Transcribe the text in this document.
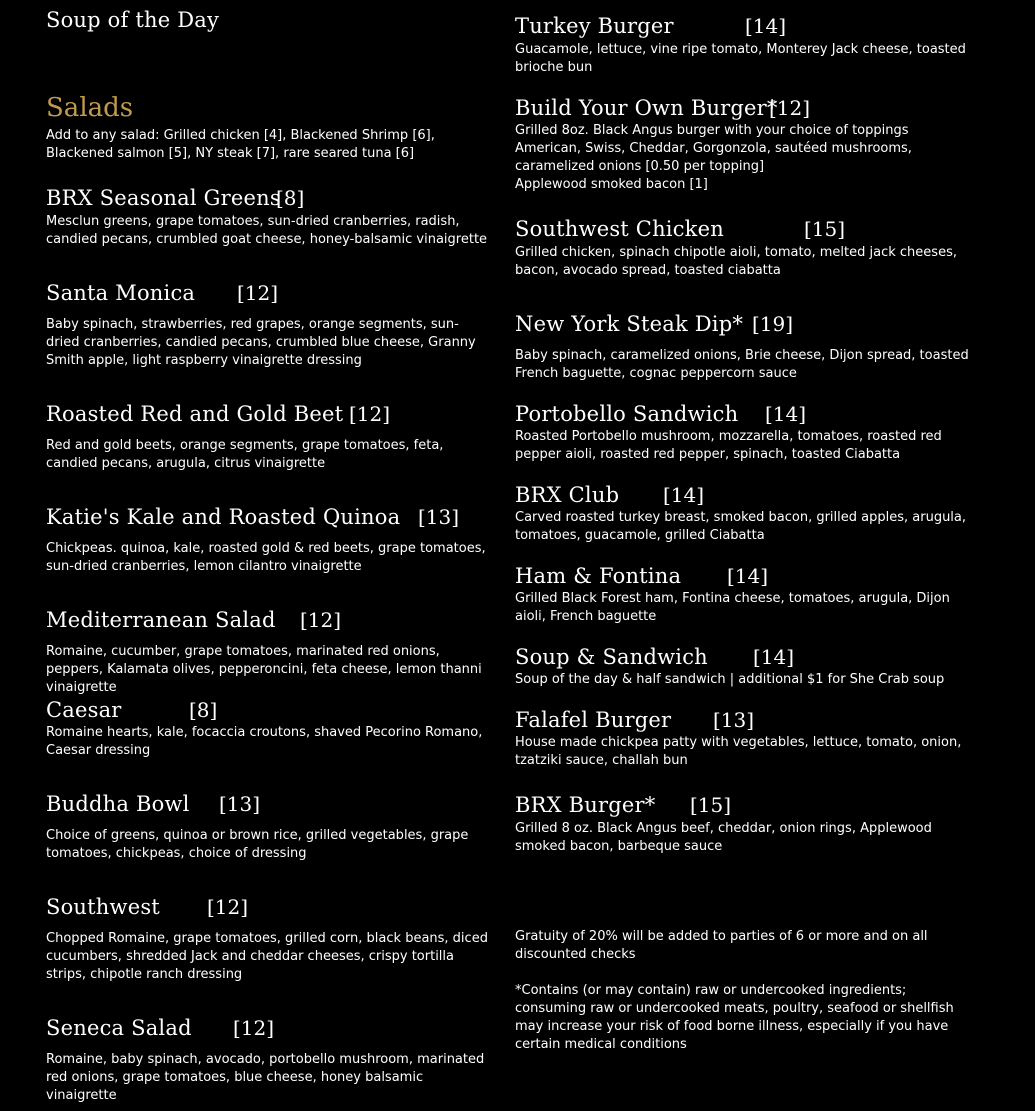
Soup of the Day
Salads
Add to any salad: Grilled chicken [4], Blackened Shrimp [6], Blackened salmon [5], NY steak [7], rare seared tuna [6]
BRX Seasonal Greens
[8]
Mesclun greens, grape tomatoes, sun-dried cranberries, radish, candied pecans, crumbled goat cheese, honey-balsamic vinaigrette
Santa Monica [12]
Baby spinach, strawberries, red grapes, orange segments, sun-dried cranberries, candied pecans, crumbled blue cheese, Granny Smith apple, light raspberry vinaigrette dressing
Roasted Red and Gold Beet [12]
Red and gold beets, orange segments, grape tomatoes, feta, candied pecans, arugula, citrus vinaigrette
Katie's Kale and Roasted Quinoa [13]
Chickpeas. quinoa, kale, roasted gold & red beets, grape tomatoes, sun-dried cranberries, lemon cilantro vinaigrette
Mediterranean Salad [12]
Romaine, cucumber, grape tomatoes, marinated red onions, peppers, Kalamata olives, pepperoncini, feta cheese, lemon thanni vinaigrette
Caesar	[8]
Romaine hearts, kale, focaccia croutons, shaved Pecorino Romano, Caesar dressing
Buddha Bowl [13]
Choice of greens, quinoa or brown rice, grilled vegetables, grape tomatoes, chickpeas, choice of dressing
Southwest [12]
Chopped Romaine, grape tomatoes, grilled corn, black beans, diced cucumbers, shredded Jack and cheddar cheeses, crispy tortilla strips, chipotle ranch dressing
Seneca Salad [12]
Romaine, baby spinach, avocado, portobello mushroom, marinated red onions, grape tomatoes, blue cheese, honey balsamic vinaigrette
Turkey Burger	[14]
Guacamole, lettuce, vine ripe tomato, Monterey Jack cheese, toasted brioche bun
Build Your Own Burger*
[12]
Grilled 8oz. Black Angus burger with your choice of toppings
American, Swiss, Cheddar, Gorgonzola, sautéed mushrooms, caramelized onions [0.50 per topping]
Applewood smoked bacon [1]
Southwest Chicken	[15]
Grilled chicken, spinach chipotle aioli, tomato, melted jack cheeses, bacon, avocado spread, toasted ciabatta
New York Steak Dip* [19]
Baby spinach, caramelized onions, Brie cheese, Dijon spread, toasted French baguette, cognac peppercorn sauce
Portobello Sandwich [14]
Roasted Portobello mushroom, mozzarella, tomatoes, roasted red pepper aioli, roasted red pepper, spinach, toasted Ciabatta
BRX Club [14]
Carved roasted turkey breast, smoked bacon, grilled apples, arugula, tomatoes, guacamole, grilled Ciabatta
Ham & Fontina [14]
Grilled Black Forest ham, Fontina cheese, tomatoes, arugula, Dijon aioli, French baguette
Soup & Sandwich [14]
Soup of the day & half sandwich | additional $1 for She Crab soup
Falafel Burger [13]
House made chickpea patty with vegetables, lettuce, tomato, onion, tzatziki sauce, challah bun
BRX Burger* [15]
Grilled 8 oz. Black Angus beef, cheddar, onion rings, Applewood smoked bacon, barbeque sauce
Gratuity of 20% will be added to parties of 6 or more and on all discounted checks
*Contains (or may contain) raw or undercooked ingredients; consuming raw or undercooked meats, poultry, seafood or shellfish may increase your risk of food borne illness, especially if you have certain medical conditions
